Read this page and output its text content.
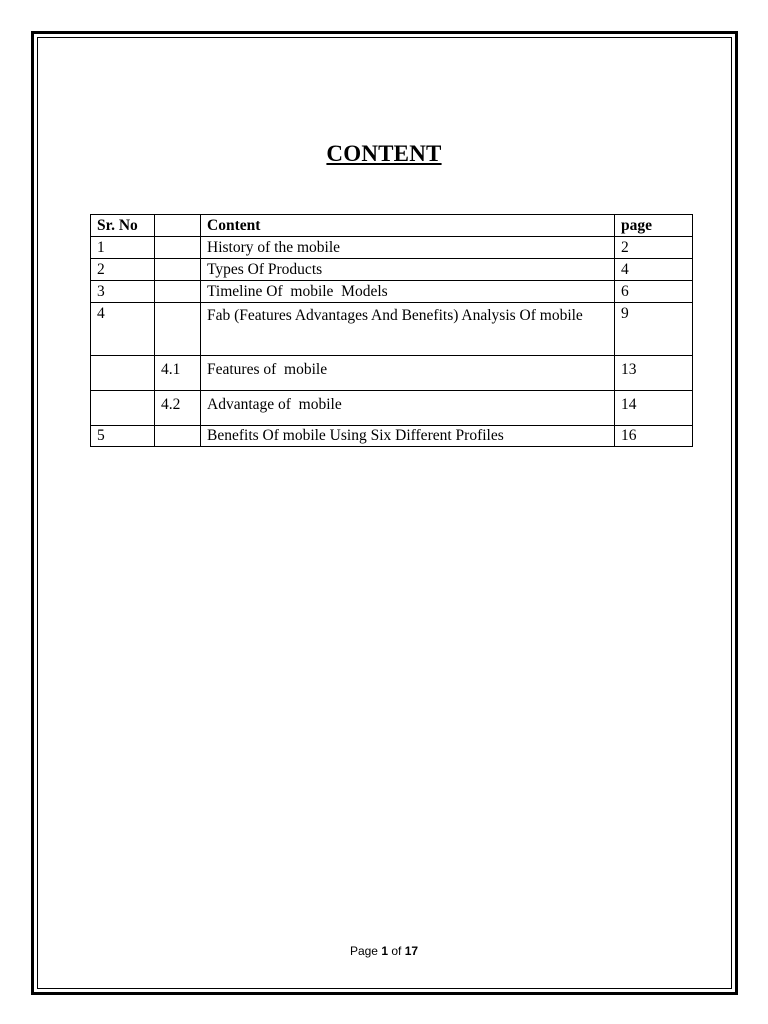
CONTENT
Sr. No		Content	page
1		History of the mobile	2
2		Types Of Products	4
3		Timeline Of  mobile  Models	6
4		Fab (Features Advantages And Benefits) Analysis Of mobile	9
	4.1	Features of  mobile	13
	4.2	Advantage of  mobile	14
5		Benefits Of mobile Using Six Different Profiles	16
Page 1 of 17
